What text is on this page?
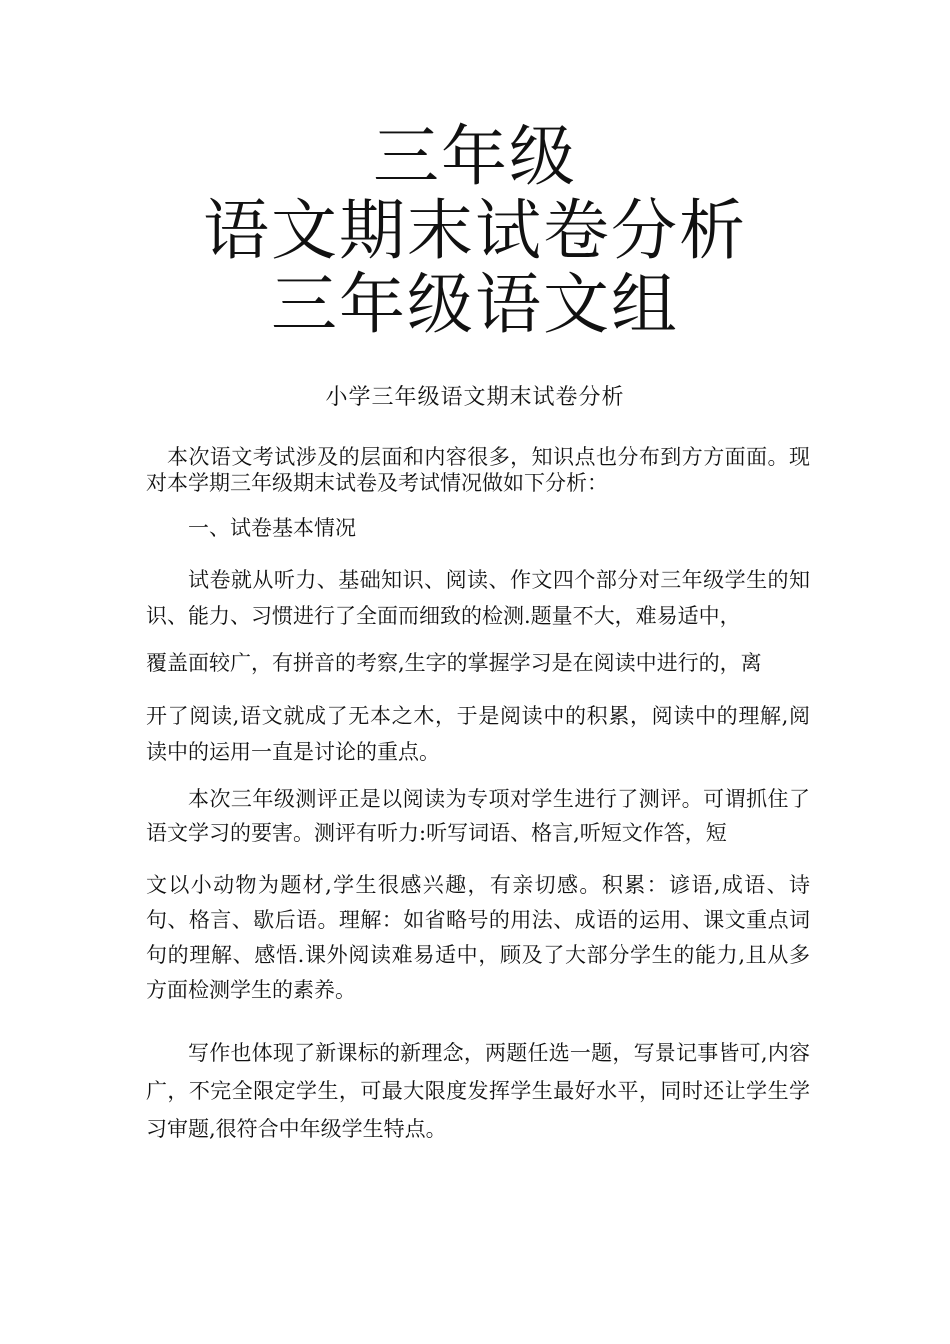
三年级
语文期末试卷分析
三年级语文组
小学三年级语文期末试卷分析

本次语文考试涉及的层面和内容很多，知识点也分布到方方面面。现对本学期三年级期末试卷及考试情况做如下分析：

一、试卷基本情况

试卷就从听力、基础知识、阅读、作文四个部分对三年级学生的知识、能力、习惯进行了全面而细致的检测.题量不大，难易适中，

覆盖面较广，有拼音的考察,生字的掌握学习是在阅读中进行的，离

开了阅读,语文就成了无本之木，于是阅读中的积累，阅读中的理解,阅读中的运用一直是讨论的重点。

本次三年级测评正是以阅读为专项对学生进行了测评。可谓抓住了语文学习的要害。测评有听力:听写词语、格言,听短文作答，短

文以小动物为题材,学生很感兴趣，有亲切感。积累：谚语,成语、诗句、格言、歇后语。理解：如省略号的用法、成语的运用、课文重点词句的理解、感悟.课外阅读难易适中，顾及了大部分学生的能力,且从多方面检测学生的素养。

写作也体现了新课标的新理念，两题任选一题，写景记事皆可,内容广，不完全限定学生，可最大限度发挥学生最好水平，同时还让学生学习审题,很符合中年级学生特点。
